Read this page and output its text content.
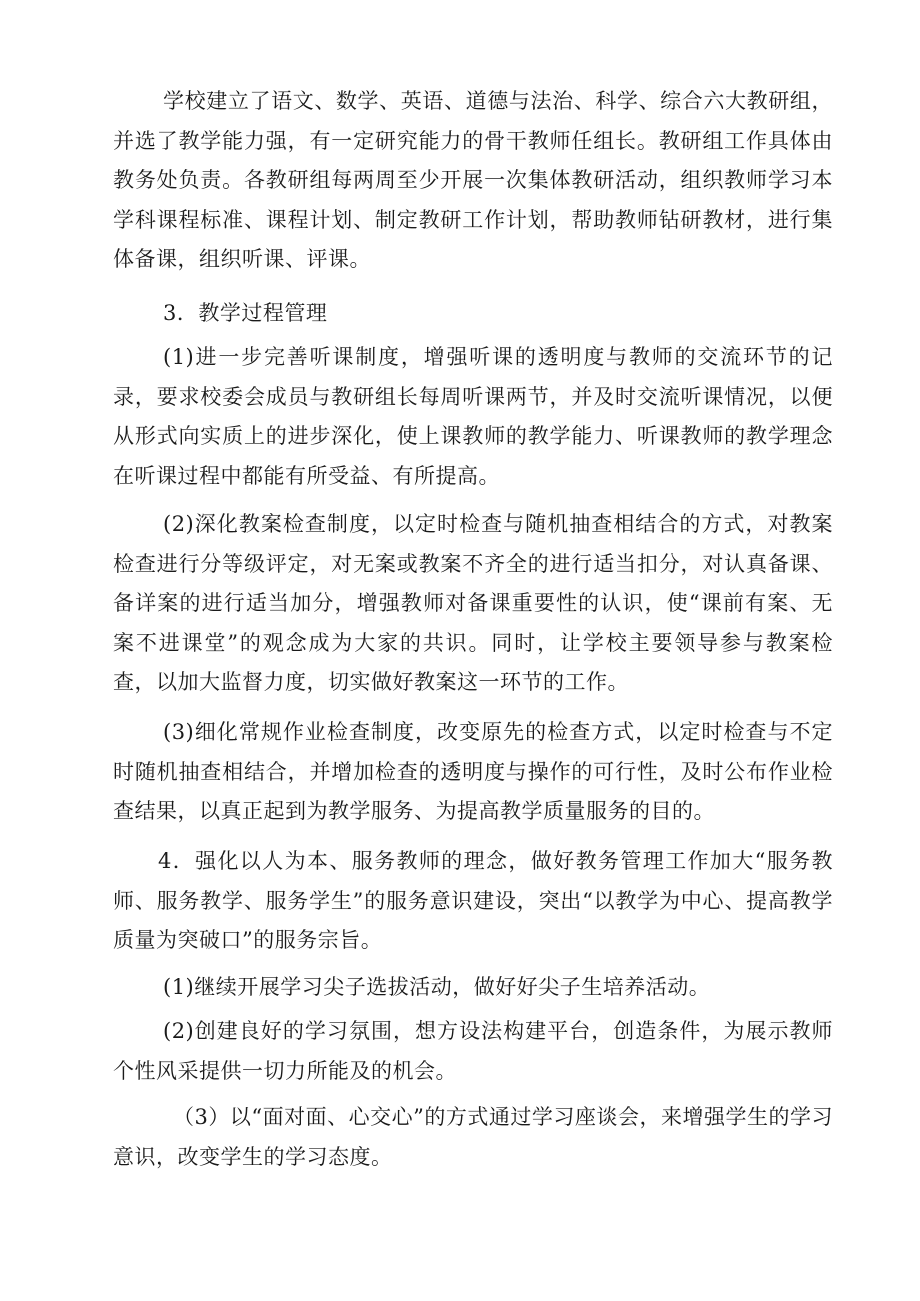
学校建立了语文、数学、英语、道德与法治、科学、综合六大教研组，并选了教学能力强，有一定研究能力的骨干教师任组长。教研组工作具体由教务处负责。各教研组每两周至少开展一次集体教研活动，组织教师学习本学科课程标准、课程计划、制定教研工作计划，帮助教师钻研教材，进行集体备课，组织听课、评课。

3．教学过程管理

(1)进一步完善听课制度，增强听课的透明度与教师的交流环节的记录，要求校委会成员与教研组长每周听课两节，并及时交流听课情况，以便从形式向实质上的进步深化，使上课教师的教学能力、听课教师的教学理念在听课过程中都能有所受益、有所提高。

(2)深化教案检查制度，以定时检查与随机抽查相结合的方式，对教案检查进行分等级评定，对无案或教案不齐全的进行适当扣分，对认真备课、备详案的进行适当加分，增强教师对备课重要性的认识，使“课前有案、无案不进课堂”的观念成为大家的共识。同时，让学校主要领导参与教案检查，以加大监督力度，切实做好教案这一环节的工作。

(3)细化常规作业检查制度，改变原先的检查方式，以定时检查与不定时随机抽查相结合，并增加检查的透明度与操作的可行性，及时公布作业检查结果，以真正起到为教学服务、为提高教学质量服务的目的。

4．强化以人为本、服务教师的理念，做好教务管理工作加大“服务教师、服务教学、服务学生”的服务意识建设，突出“以教学为中心、提高教学质量为突破口”的服务宗旨。

(1)继续开展学习尖子选拔活动，做好好尖子生培养活动。

(2)创建良好的学习氛围，想方设法构建平台，创造条件，为展示教师个性风采提供一切力所能及的机会。

（3）以“面对面、心交心”的方式通过学习座谈会，来增强学生的学习意识，改变学生的学习态度。
